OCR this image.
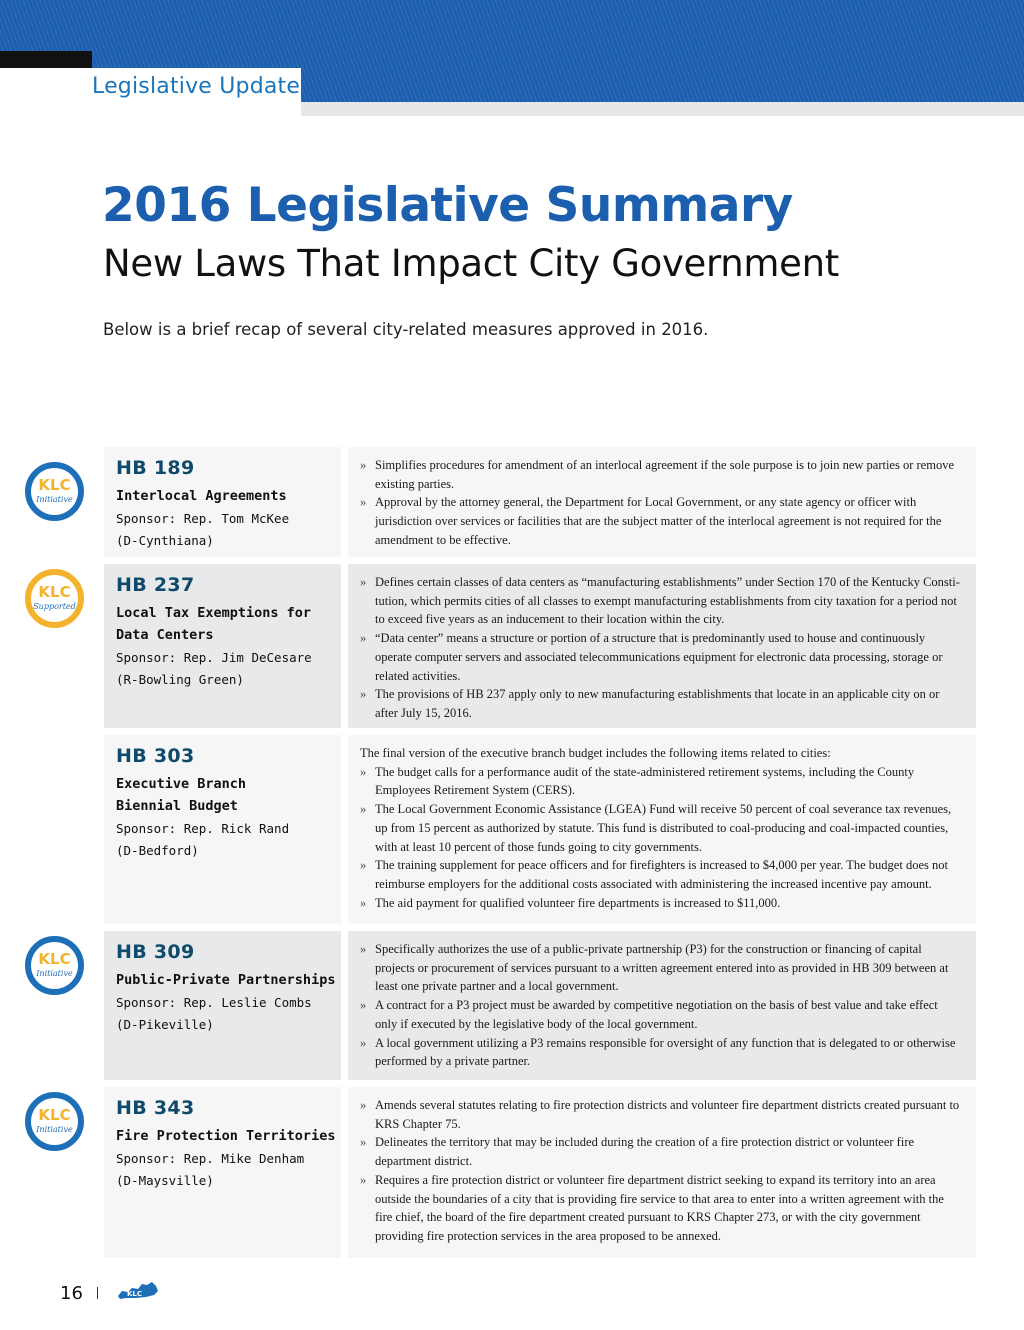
Legislative Update
2016 Legislative Summary
New Laws That Impact City Government
Below is a brief recap of several city-related measures approved in 2016.
KLC
Initiative
HB 189
Interlocal Agreements
Sponsor: Rep. Tom McKee
(D-Cynthiana)
» Simplifies procedures for amendment of an interlocal agreement if the sole purpose is to join new parties or remove existing parties.
» Approval by the attorney general, the Department for Local Government, or any state agency or officer with jurisdiction over services or facilities that are the subject matter of the interlocal agreement is not required for the amendment to be effective.
KLC
Supported
HB 237
Local Tax Exemptions for
Data Centers
Sponsor: Rep. Jim DeCesare
(R-Bowling Green)
» Defines certain classes of data centers as “manufacturing establishments” under Section 170 of the Kentucky Consti-tution, which permits cities of all classes to exempt manufacturing establishments from city taxation for a period not to exceed five years as an inducement to their location within the city.
» “Data center” means a structure or portion of a structure that is predominantly used to house and continuously operate computer servers and associated telecommunications equipment for electronic data processing, storage or related activities.
» The provisions of HB 237 apply only to new manufacturing establishments that locate in an applicable city on or after July 15, 2016.
HB 303
Executive Branch
Biennial Budget
Sponsor: Rep. Rick Rand
(D-Bedford)
The final version of the executive branch budget includes the following items related to cities:
» The budget calls for a performance audit of the state-administered retirement systems, including the County Employees Retirement System (CERS).
» The Local Government Economic Assistance (LGEA) Fund will receive 50 percent of coal severance tax revenues, up from 15 percent as authorized by statute. This fund is distributed to coal-producing and coal-impacted counties, with at least 10 percent of those funds going to city governments.
» The training supplement for peace officers and for firefighters is increased to $4,000 per year. The budget does not reimburse employers for the additional costs associated with administering the increased incentive pay amount.
» The aid payment for qualified volunteer fire departments is increased to $11,000.
KLC
Initiative
HB 309
Public-Private Partnerships
Sponsor: Rep. Leslie Combs
(D-Pikeville)
» Specifically authorizes the use of a public-private partnership (P3) for the construction or financing of capital projects or procurement of services pursuant to a written agreement entered into as provided in HB 309 between at least one private partner and a local government.
» A contract for a P3 project must be awarded by competitive negotiation on the basis of best value and take effect only if executed by the legislative body of the local government.
» A local government utilizing a P3 remains responsible for oversight of any function that is delegated to or otherwise performed by a private partner.
KLC
Initiative
HB 343
Fire Protection Territories
Sponsor: Rep. Mike Denham
(D-Maysville)
» Amends several statutes relating to fire protection districts and volunteer fire department districts created pursuant to KRS Chapter 75.
» Delineates the territory that may be included during the creation of a fire protection district or volunteer fire department district.
» Requires a fire protection district or volunteer fire department district seeking to expand its territory into an area outside the boundaries of a city that is providing fire service to that area to enter into a written agreement with the fire chief, the board of the fire department created pursuant to KRS Chapter 273, or with the city government providing fire protection services in the area proposed to be annexed.
16	KLC
